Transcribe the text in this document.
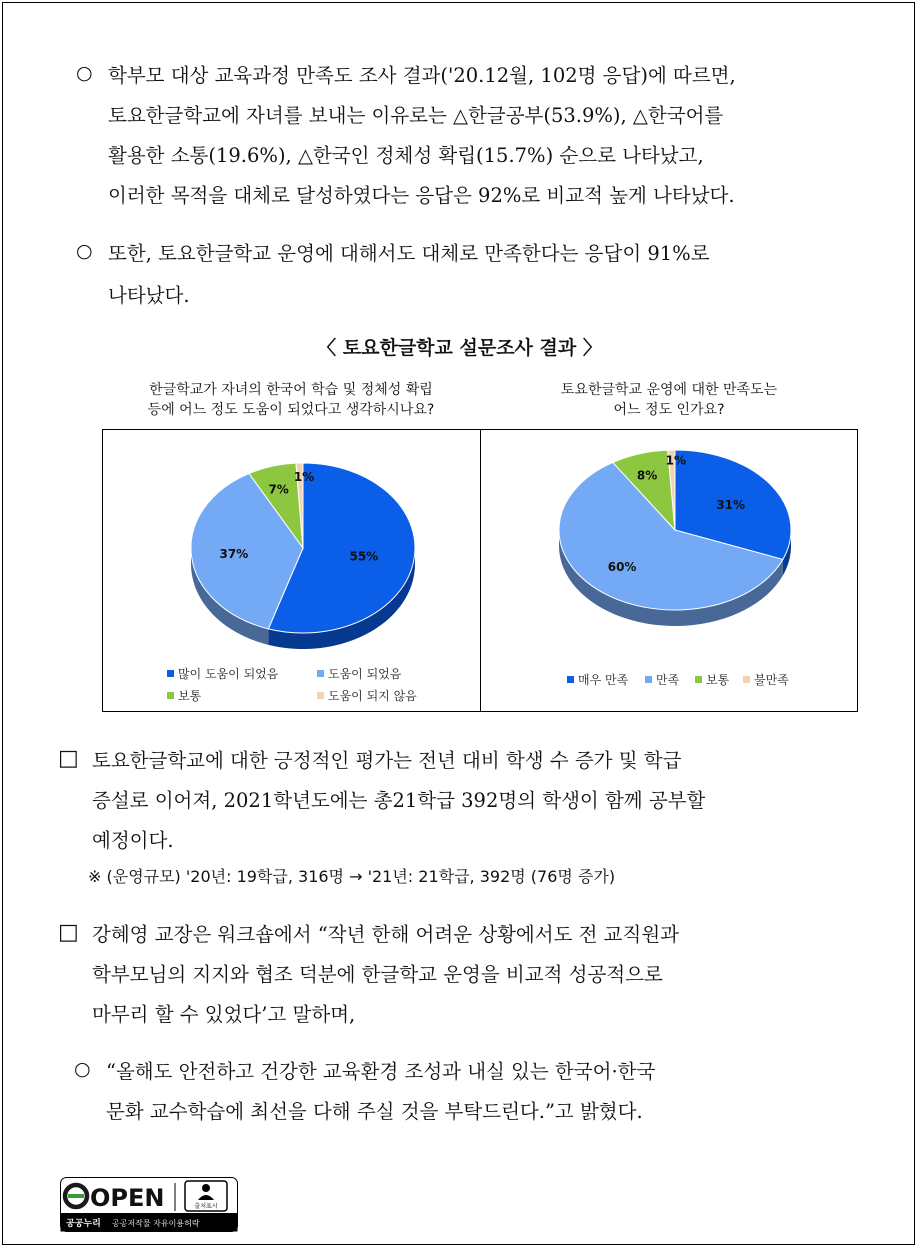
○ 학부모 대상 교육과정 만족도 조사 결과('20.12월, 102명 응답)에 따르면,
토요한글학교에 자녀를 보내는 이유로는 △한글공부(53.9%), △한국어를
활용한 소통(19.6%), △한국인 정체성 확립(15.7%) 순으로 나타났고,
이러한 목적을 대체로 달성하였다는 응답은 92%로 비교적 높게 나타났다.
○ 또한, 토요한글학교 운영에 대해서도 대체로 만족한다는 응답이 91%로
나타났다.
〈 토요한글학교 설문조사 결과 〉
한글학교가 자녀의 한국어 학습 및 정체성 확립
등에 어느 정도 도움이 되었다고 생각하시나요?
토요한글학교 운영에 대한 만족도는
어느 정도 인가요?
55%
37%
7%
1%
많이 도움이 되었음	도움이 되었음
보통	도움이 되지 않음
31%
60%
8%
1%
매우 만족 만족 보통 불만족
□ 토요한글학교에 대한 긍정적인 평가는 전년 대비 학생 수 증가 및 학급
증설로 이어져, 2021학년도에는 총21학급 392명의 학생이 함께 공부할
예정이다.
※ (운영규모) '20년: 19학급, 316명 → '21년: 21학급, 392명 (76명 증가)
□ 강혜영 교장은 워크숍에서 “작년 한해 어려운 상황에서도 전 교직원과
학부모님의 지지와 협조 덕분에 한글학교 운영을 비교적 성공적으로
마무리 할 수 있었다’고 말하며,
○ “올해도 안전하고 건강한 교육환경 조성과 내실 있는 한국어·한국
문화 교수학습에 최선을 다해 주실 것을 부탁드린다.”고 밝혔다.
OPEN	출처표시
공공누리 공공저작물 자유이용허락
